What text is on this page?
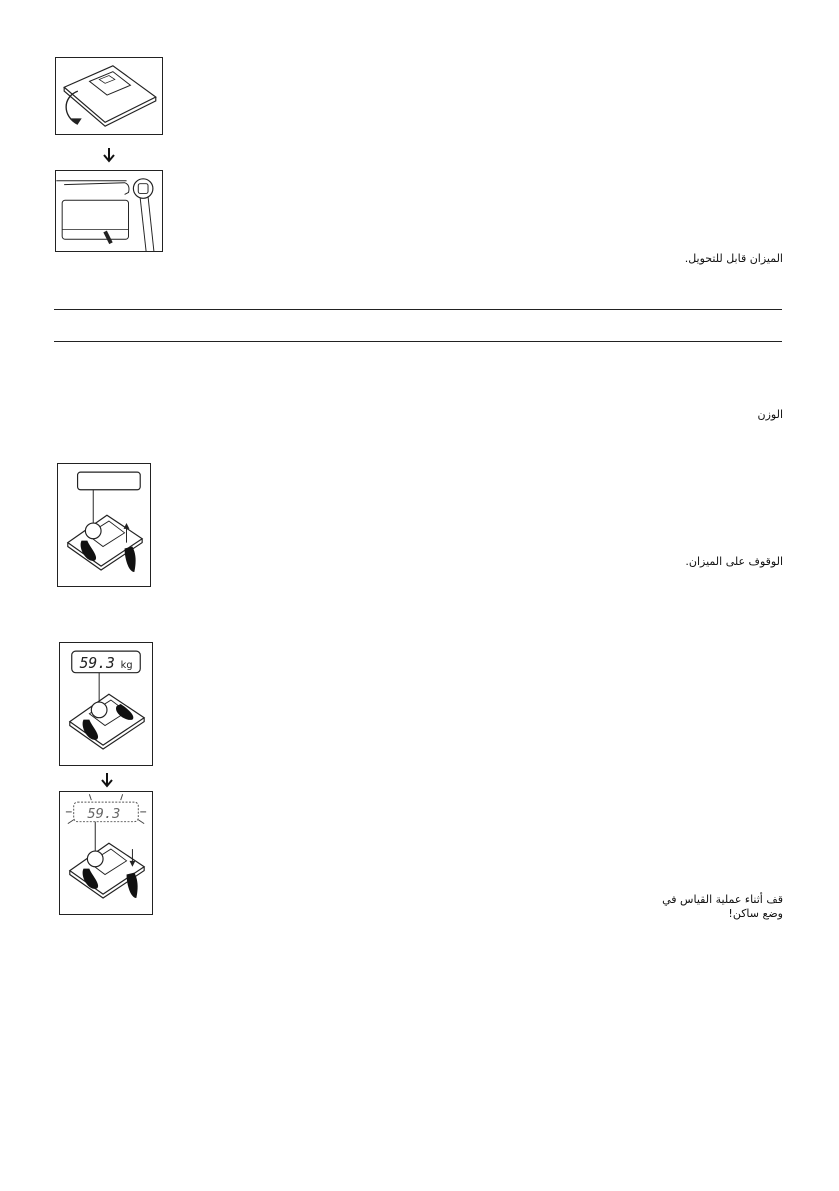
الميزان قابل للتحويل.
الوزن
الوقوف على الميزان.
59.3 kg
59.3
قف أثناء عملية القياس في
وضع ساكن!
